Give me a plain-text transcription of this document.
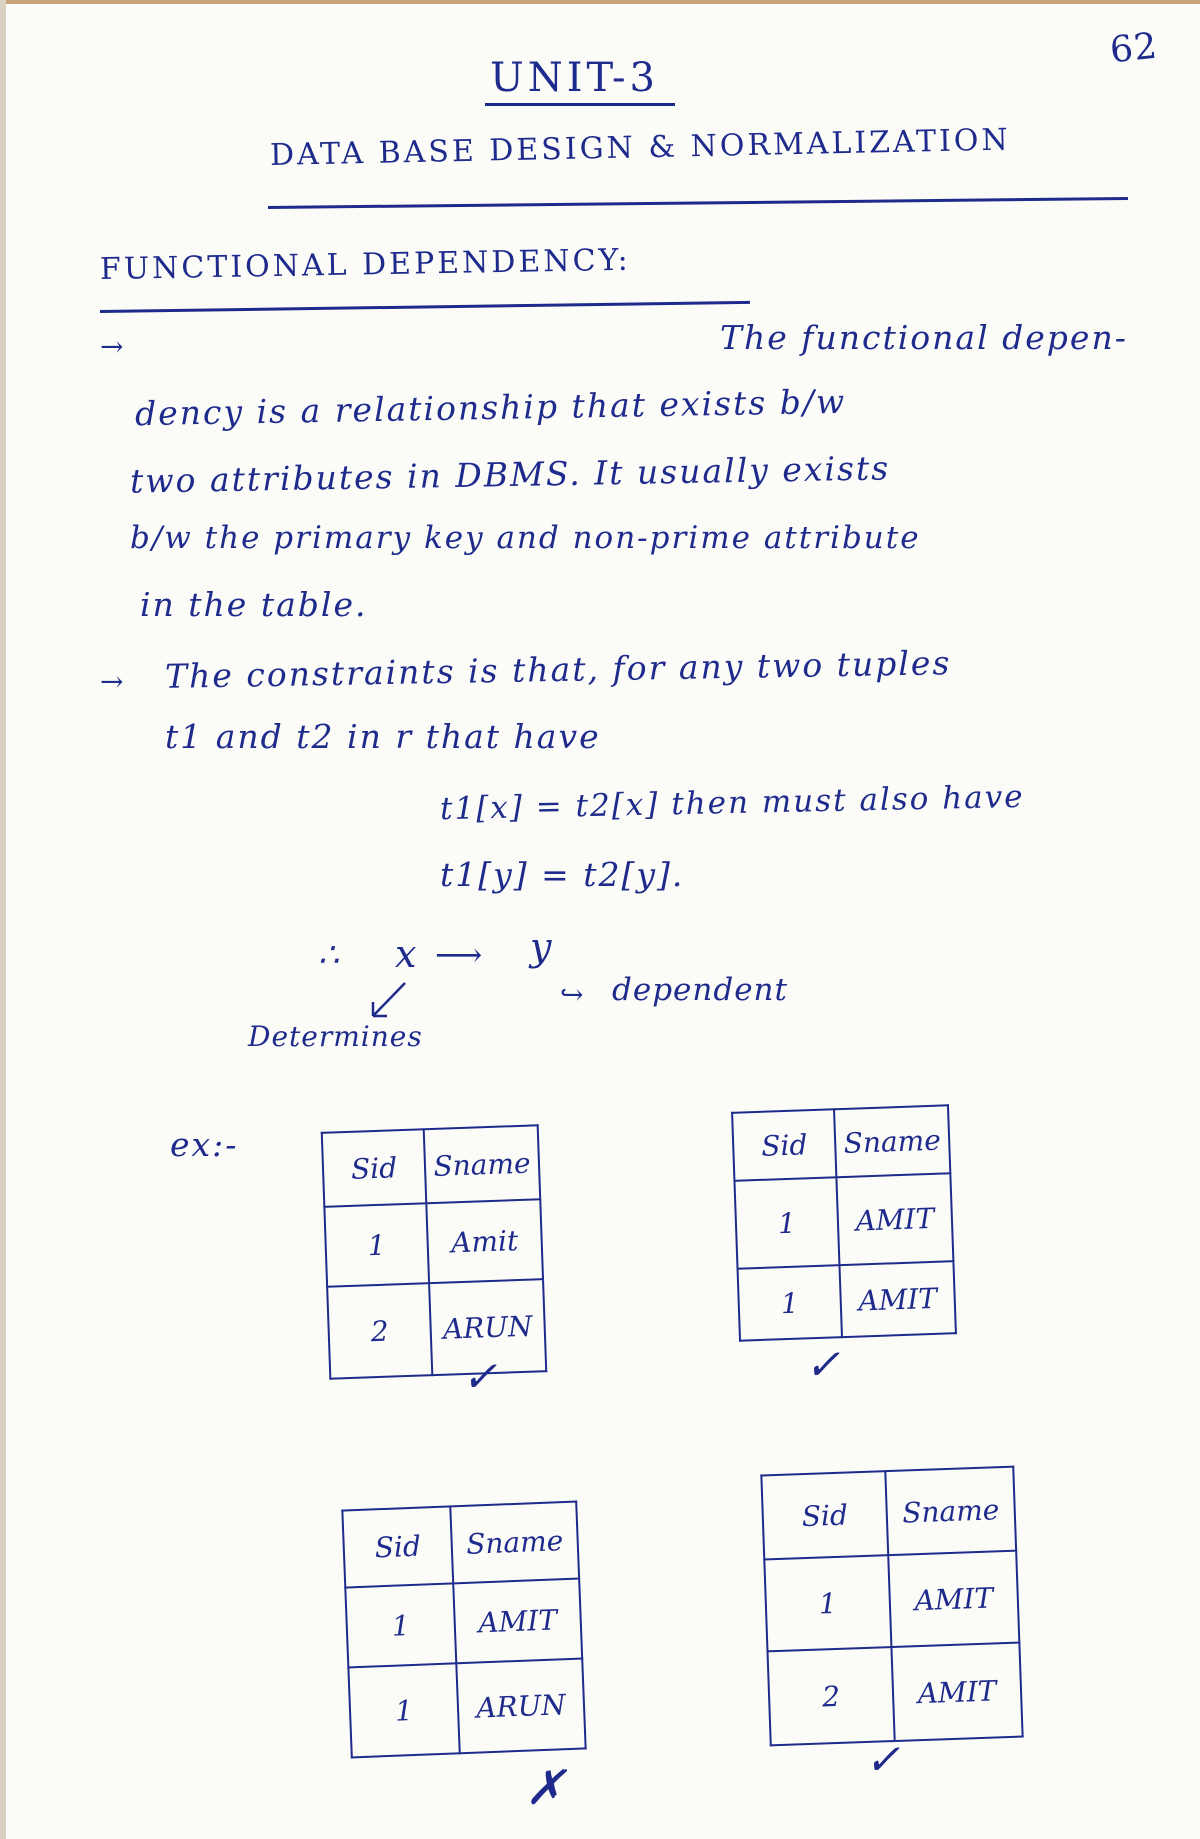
UNIT-3
62
DATA BASE DESIGN & NORMALIZATION
FUNCTIONAL DEPENDENCY:
→	The functional depen-
dency is a relationship that exists b/w
two attributes in DBMS. It usually exists
b/w the primary key and non-prime attribute
in the table.
→ The constraints is that, for any two tuples
t1 and t2 in r that have
t1[x] = t2[x] then must also have
t1[y] = t2[y].
∴ x ⟶ y
Determines
↪ dependent
ex:-
Sid	Sname
1	Amit
2	ARUN
✓
Sid	Sname
1	AMIT
1	AMIT
✓
Sid	Sname
1	AMIT
1	ARUN
✗
Sid	Sname
1	AMIT
2	AMIT
✓
